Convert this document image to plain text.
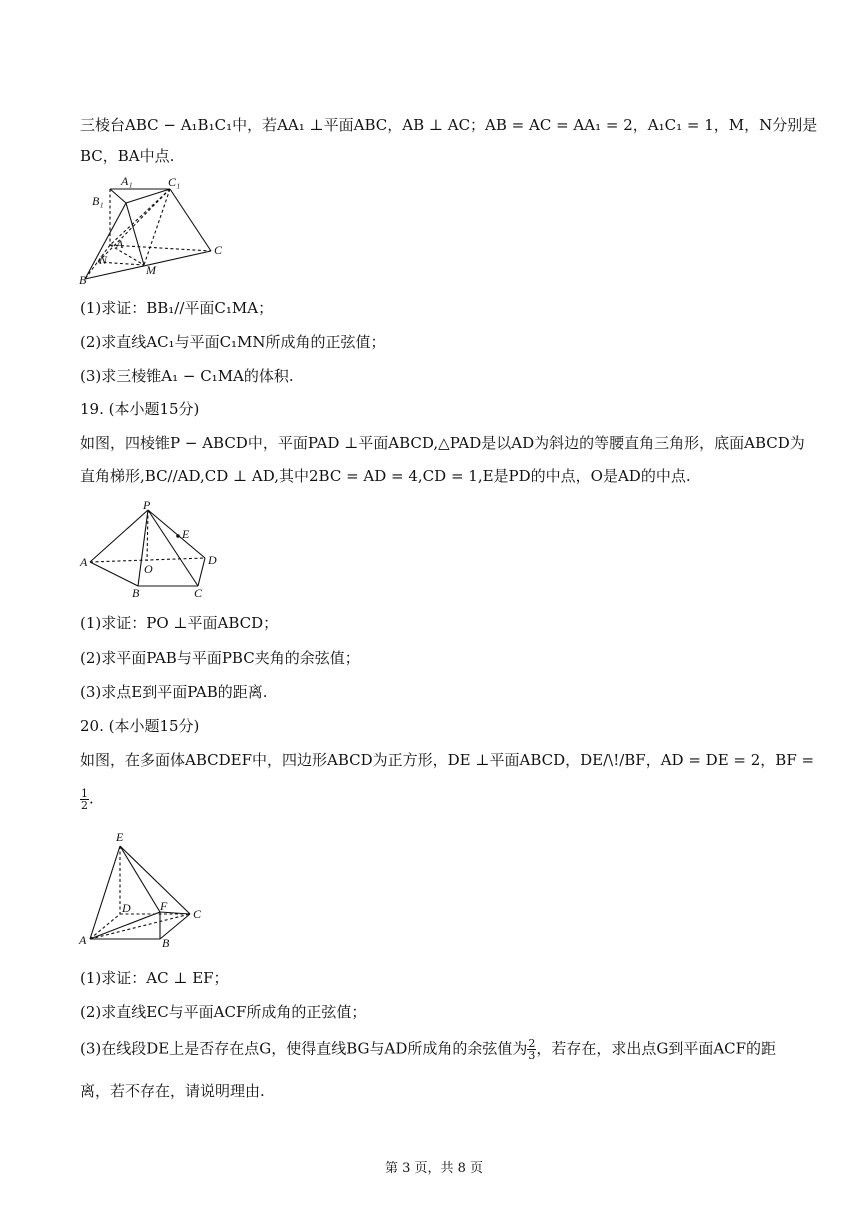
三棱台ABC − A₁B₁C₁中，若AA₁ ⊥平面ABC，AB ⊥ AC；AB = AC = AA₁ = 2，A₁C₁ = 1，M，N分别是
BC，BA中点.
A₁	C₁
B₁
A	C
N
M
B
(1)求证：BB₁//平面C₁MA；
(2)求直线AC₁与平面C₁MN所成角的正弦值；
(3)求三棱锥A₁ − C₁MA的体积.
19. (本小题15分)
如图，四棱锥P − ABCD中，平面PAD ⊥平面ABCD,△PAD是以AD为斜边的等腰直角三角形，底面ABCD为
直角梯形,BC//AD,CD ⊥ AD,其中2BC = AD = 4,CD = 1,E是PD的中点，O是AD的中点.
P
E
A	D
O
B	C
(1)求证：PO ⊥平面ABCD；
(2)求平面PAB与平面PBC夹角的余弦值；
(3)求点E到平面PAB的距离.
20. (本小题15分)
如图，在多面体ABCDEF中，四边形ABCD为正方形，DE ⊥平面ABCD，DE/\!/BF，AD = DE = 2，BF =
$\frac{1}{2}$ .
E
D F
C
A	B
(1)求证：AC ⊥ EF；
(2)求直线EC与平面ACF所成角的正弦值；
(3)在线段DE上是否存在点G，使得直线BG与AD所成角的余弦值为 $\frac{2}{3}$ ，若存在，求出点G到平面ACF的距
离，若不存在，请说明理由.
第 3 页，共 8 页
